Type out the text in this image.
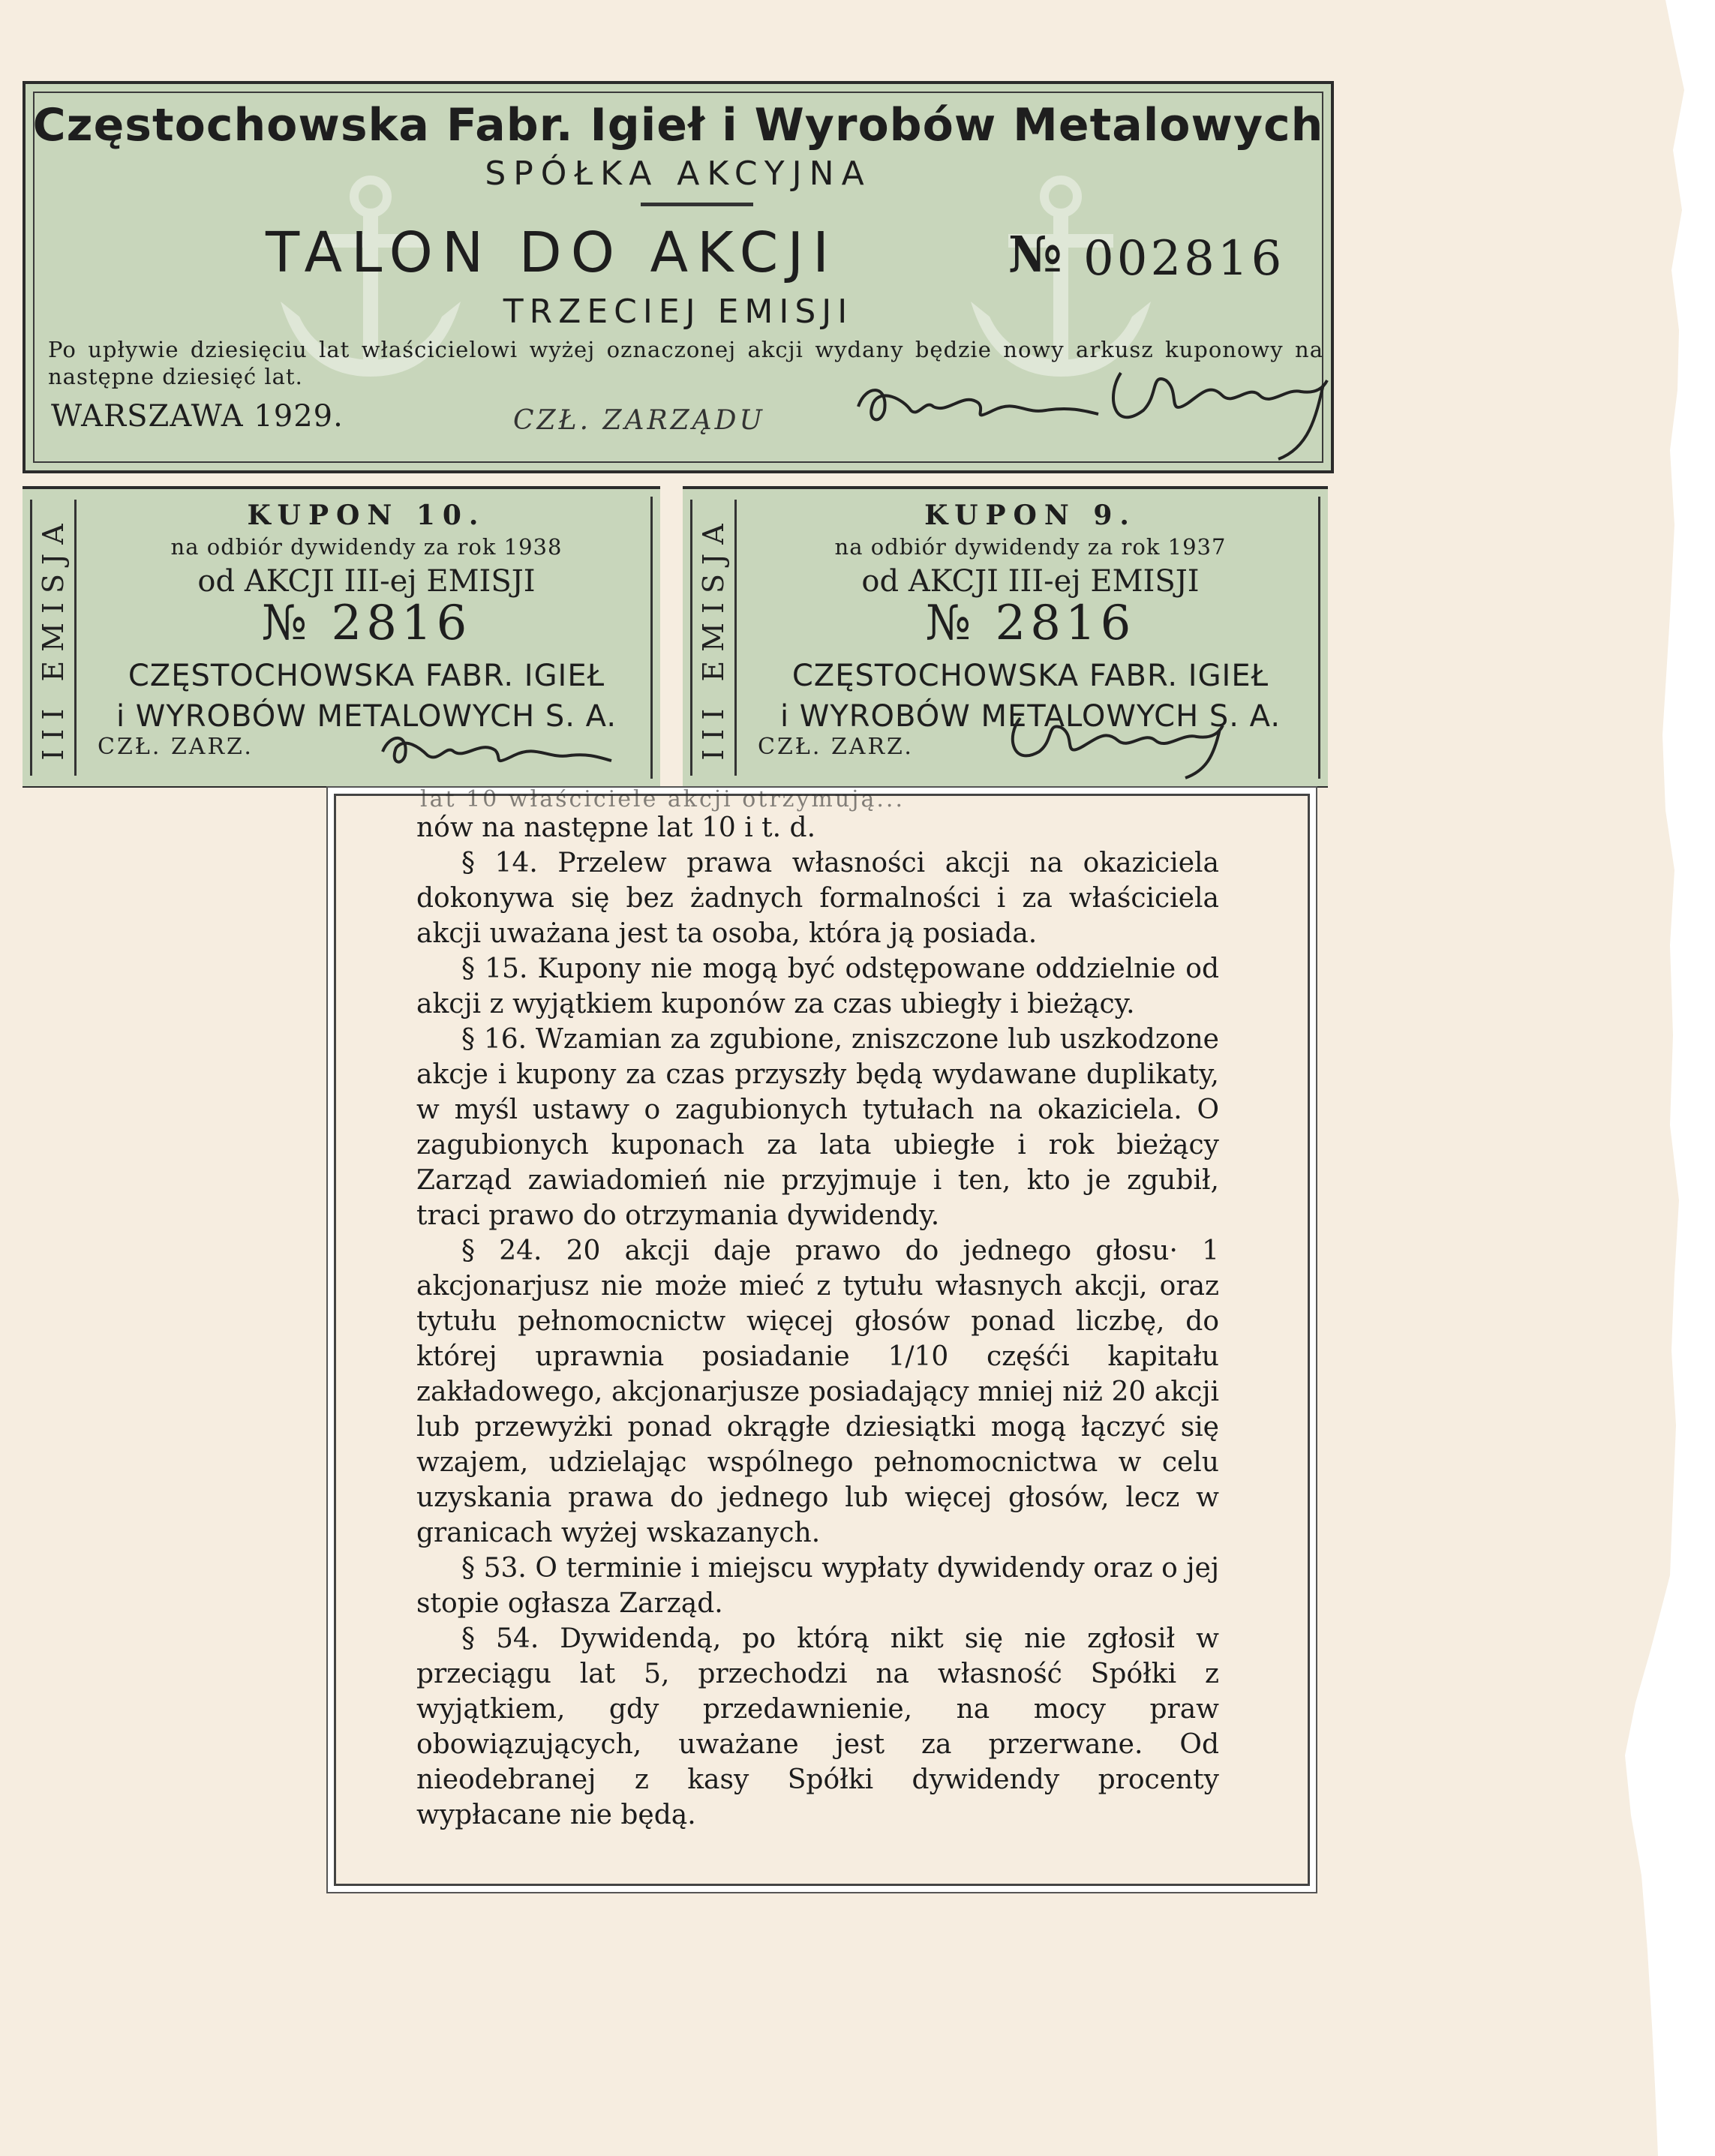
Częstochowska Fabr. Igieł i Wyrobów Metalowych
SPÓŁKA AKCYJNA
TALON DO AKCJI	№ 002816
TRZECIEJ EMISJI
Po upływie dziesięciu lat właścicielowi wyżej oznaczonej akcji wydany będzie nowy arkusz kuponowy na następne dziesięć lat.
WARSZAWA 1929.	CZŁ. ZARZĄDU
III EMISJA	KUPON 10.
na odbiór dywidendy za rok 1938
od AKCJI III-ej EMISJI
№ 2816
CZĘSTOCHOWSKA FABR. IGIEŁ
i WYROBÓW METALOWYCH S. A.
CZŁ. ZARZ.	III EMISJA	KUPON 9.
na odbiór dywidendy za rok 1937
od AKCJI III-ej EMISJI
№ 2816
CZĘSTOCHOWSKA FABR. IGIEŁ
i WYROBÓW METALOWYCH S. A.
CZŁ. ZARZ.
lat 10 właściciele akcji otrzymują...

nów na następne lat 10 i t. d.

§ 14. Przelew prawa własności akcji na okaziciela dokonywa się bez żadnych formalności i za właściciela akcji uważana jest ta osoba, która ją posiada.

§ 15. Kupony nie mogą być odstępowane oddzielnie od akcji z wyjątkiem kuponów za czas ubiegły i bieżący.

§ 16. Wzamian za zgubione, zniszczone lub uszkodzone akcje i kupony za czas przyszły będą wydawane duplikaty, w myśl ustawy o zagubionych tytułach na okaziciela. O zagubionych kuponach za lata ubiegłe i rok bieżący Zarząd zawiadomień nie przyjmuje i ten, kto je zgubił, traci prawo do otrzymania dywidendy.

§ 24. 20 akcji daje prawo do jednego głosu· 1 akcjonarjusz nie może mieć z tytułu własnych akcji, oraz tytułu pełnomocnictw więcej głosów ponad liczbę, do której uprawnia posiadanie 1/10 częśći kapitału zakładowego, akcjonarjusze posiadający mniej niż 20 akcji lub przewyżki ponad okrągłe dziesiątki mogą łączyć się wzajem, udzielając wspólnego pełnomocnictwa w celu uzyskania prawa do jednego lub więcej głosów, lecz w granicach wyżej wskazanych.

§ 53. O terminie i miejscu wypłaty dywidendy oraz o jej stopie ogłasza Zarząd.

§ 54. Dywidendą, po którą nikt się nie zgłosił w przeciągu lat 5, przechodzi na własność Spółki z wyjątkiem, gdy przedawnienie, na mocy praw obowiązujących, uważane jest za przerwane. Od nieodebranej z kasy Spółki dywidendy procenty wypłacane nie będą.
